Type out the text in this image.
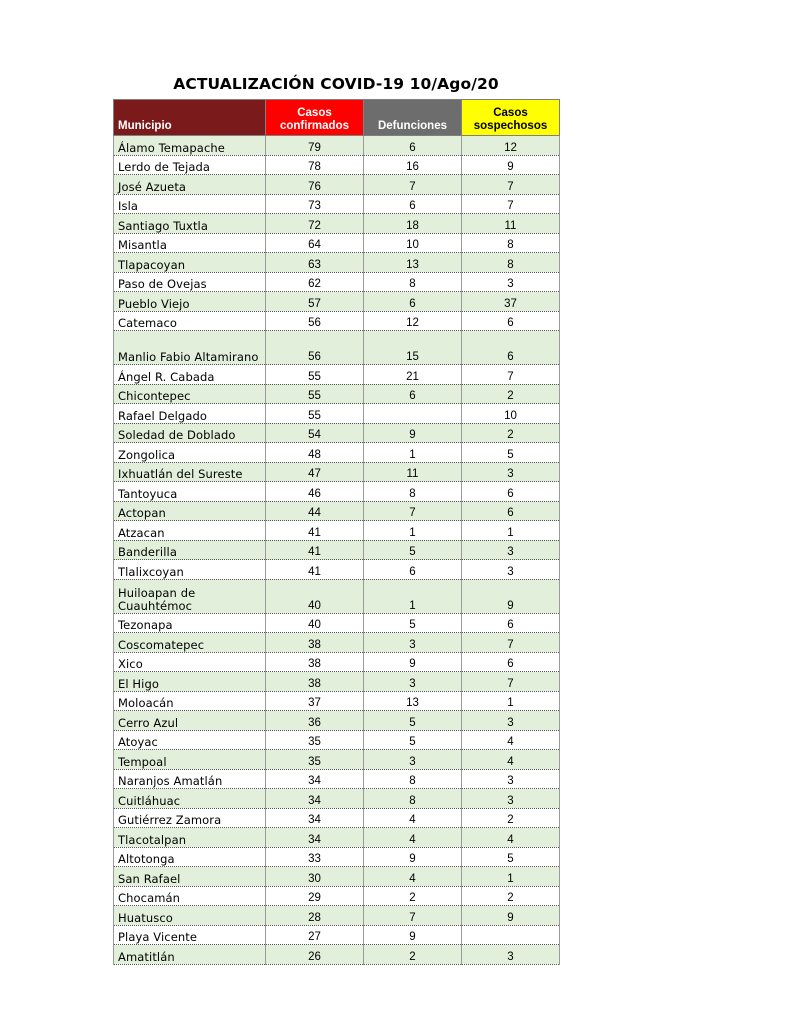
ACTUALIZACIÓN COVID-19 10/Ago/20
Municipio	Casos confirmados	Defunciones	Casos sospechosos
Álamo Temapache	79	6	12
Lerdo de Tejada	78	16	9
José Azueta	76	7	7
Isla	73	6	7
Santiago Tuxtla	72	18	11
Misantla	64	10	8
Tlapacoyan	63	13	8
Paso de Ovejas	62	8	3
Pueblo Viejo	57	6	37
Catemaco	56	12	6
Manlio Fabio Altamirano	56	15	6
Ángel R. Cabada	55	21	7
Chicontepec	55	6	2
Rafael Delgado	55		10
Soledad de Doblado	54	9	2
Zongolica	48	1	5
Ixhuatlán del Sureste	47	11	3
Tantoyuca	46	8	6
Actopan	44	7	6
Atzacan	41	1	1
Banderilla	41	5	3
Tlalixcoyan	41	6	3
Huiloapan de Cuauhtémoc	40	1	9
Tezonapa	40	5	6
Coscomatepec	38	3	7
Xico	38	9	6
El Higo	38	3	7
Moloacán	37	13	1
Cerro Azul	36	5	3
Atoyac	35	5	4
Tempoal	35	3	4
Naranjos Amatlán	34	8	3
Cuitláhuac	34	8	3
Gutiérrez Zamora	34	4	2
Tlacotalpan	34	4	4
Altotonga	33	9	5
San Rafael	30	4	1
Chocamán	29	2	2
Huatusco	28	7	9
Playa Vicente	27	9	
Amatitlán	26	2	3
